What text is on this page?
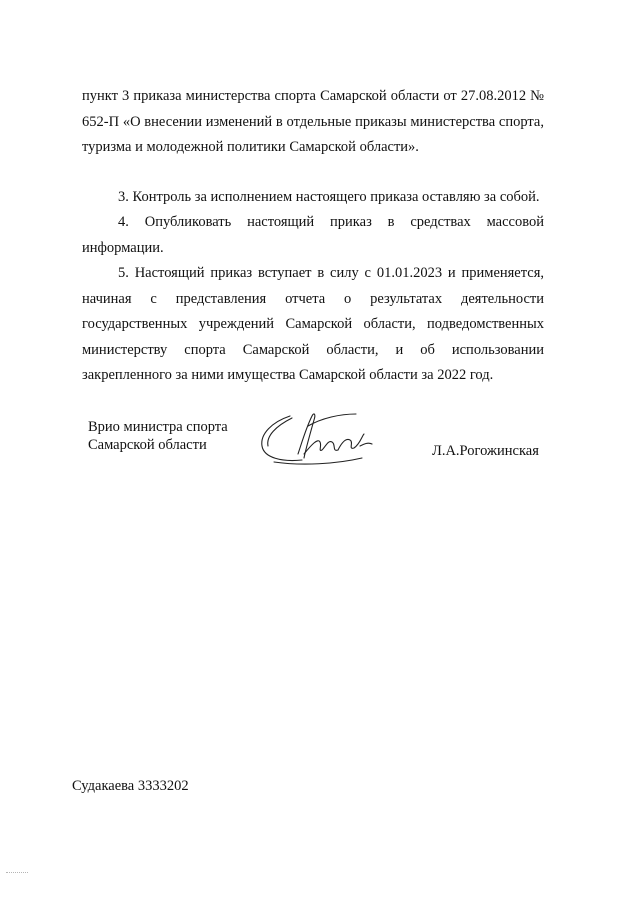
пункт 3 приказа министерства спорта Самарской области от 27.08.2012 № 652-П «О внесении изменений в отдельные приказы министерства спорта, туризма и молодежной политики Самарской области».

3. Контроль за исполнением настоящего приказа оставляю за собой.

4. Опубликовать настоящий приказ в средствах массовой информации.

5. Настоящий приказ вступает в силу с 01.01.2023 и применяется, начиная с представления отчета о результатах деятельности государственных учреждений Самарской области, подведомственных министерству спорта Самарской области, и об использовании закрепленного за ними имущества Самарской области за 2022 год.

Врио министра спорта
Самарской области	Л.А.Рогожинская
Судакаева 3333202
